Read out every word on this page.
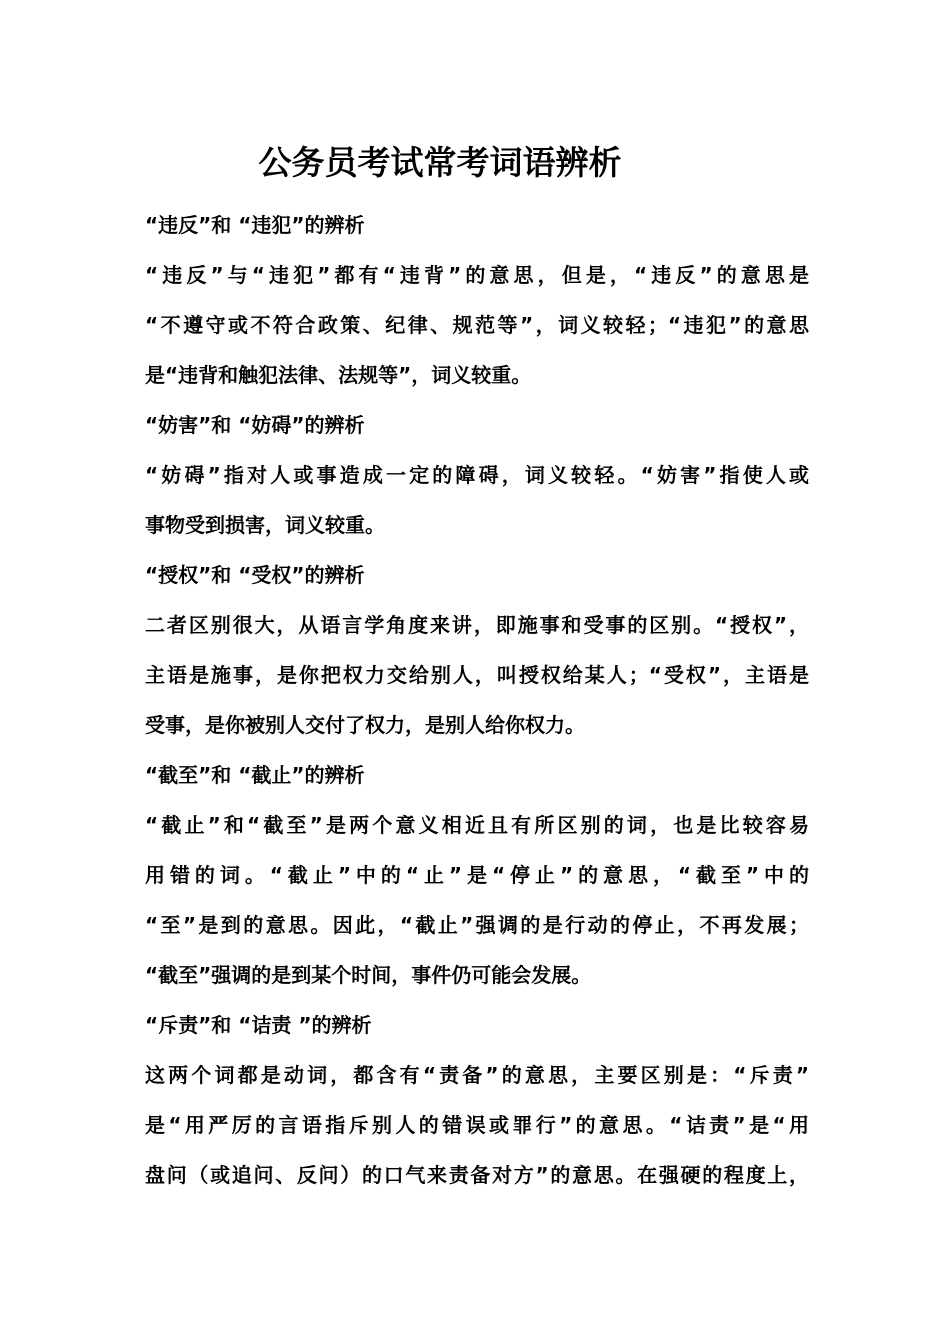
公务员考试常考词语辨析
“违反”和 “违犯”的辨析
“违反”与“违犯”都有“违背”的意思，但是，“违反”的意思是
“不遵守或不符合政策、纪律、规范等”，词义较轻；“违犯”的意思
是“违背和触犯法律、法规等”，词义较重。
“妨害”和 “妨碍”的辨析
“妨碍”指对人或事造成一定的障碍，词义较轻。“妨害”指使人或
事物受到损害，词义较重。
“授权”和 “受权”的辨析
二者区别很大，从语言学角度来讲，即施事和受事的区别。“授权”，
主语是施事，是你把权力交给别人，叫授权给某人；“受权”，主语是
受事，是你被别人交付了权力，是别人给你权力。
“截至”和 “截止”的辨析
“截止”和“截至”是两个意义相近且有所区别的词，也是比较容易
用错的词。“截止”中的“止”是“停止”的意思，“截至”中的
“至”是到的意思。因此，“截止”强调的是行动的停止，不再发展；
“截至”强调的是到某个时间，事件仍可能会发展。
“斥责”和 “诘责 ”的辨析
这两个词都是动词，都含有“责备”的意思，主要区别是：“斥责”
是“用严厉的言语指斥别人的错误或罪行”的意思。“诘责”是“用
盘问（或追问、反问）的口气来责备对方”的意思。在强硬的程度上，
